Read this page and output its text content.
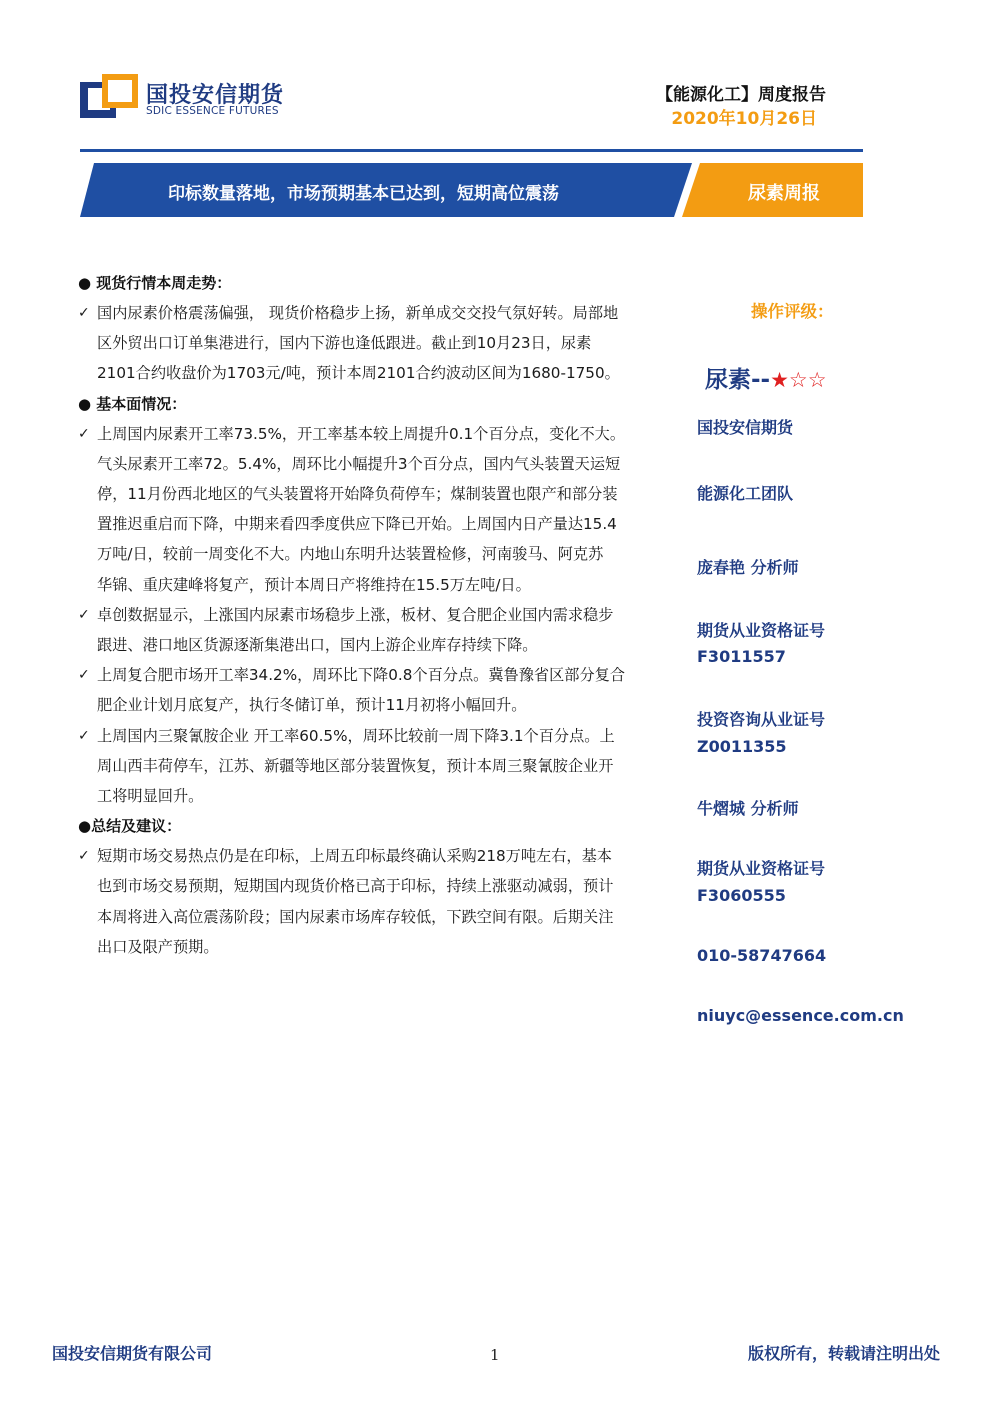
国投安信期货
SDIC ESSENCE FUTURES
【能源化工】周度报告
2020年10月26日
印标数量落地，市场预期基本已达到，短期高位震荡	尿素周报
● 现货行情本周走势：
✓ 国内尿素价格震荡偏强， 现货价格稳步上扬，新单成交交投气氛好转。局部地
区外贸出口订单集港进行，国内下游也逢低跟进。截止到10月23日，尿素
2101合约收盘价为1703元/吨，预计本周2101合约波动区间为1680-1750。
● 基本面情况：
✓ 上周国内尿素开工率73.5%，开工率基本较上周提升0.1个百分点，变化不大。
气头尿素开工率72。5.4%，周环比小幅提升3个百分点，国内气头装置天运短
停，11月份西北地区的气头装置将开始降负荷停车；煤制装置也限产和部分装
置推迟重启而下降，中期来看四季度供应下降已开始。上周国内日产量达15.4
万吨/日，较前一周变化不大。内地山东明升达装置检修，河南骏马、阿克苏
华锦、重庆建峰将复产，预计本周日产将维持在15.5万左吨/日。
✓ 卓创数据显示，上涨国内尿素市场稳步上涨，板材、复合肥企业国内需求稳步
跟进、港口地区货源逐渐集港出口，国内上游企业库存持续下降。
✓ 上周复合肥市场开工率34.2%，周环比下降0.8个百分点。冀鲁豫省区部分复合
肥企业计划月底复产，执行冬储订单，预计11月初将小幅回升。
✓ 上周国内三聚氰胺企业 开工率60.5%，周环比较前一周下降3.1个百分点。上
周山西丰荷停车，江苏、新疆等地区部分装置恢复，预计本周三聚氰胺企业开
工将明显回升。
●总结及建议：
✓ 短期市场交易热点仍是在印标，上周五印标最终确认采购218万吨左右，基本
也到市场交易预期，短期国内现货价格已高于印标，持续上涨驱动减弱，预计
本周将进入高位震荡阶段；国内尿素市场库存较低，下跌空间有限。后期关注
出口及限产预期。
操作评级：
尿素--★☆☆
国投安信期货
能源化工团队
庞春艳 分析师
期货从业资格证号
F3011557
投资咨询从业证号
Z0011355
牛熠城 分析师
期货从业资格证号
F3060555
010-58747664
niuyc@essence.com.cn
国投安信期货有限公司	1	版权所有，转载请注明出处
